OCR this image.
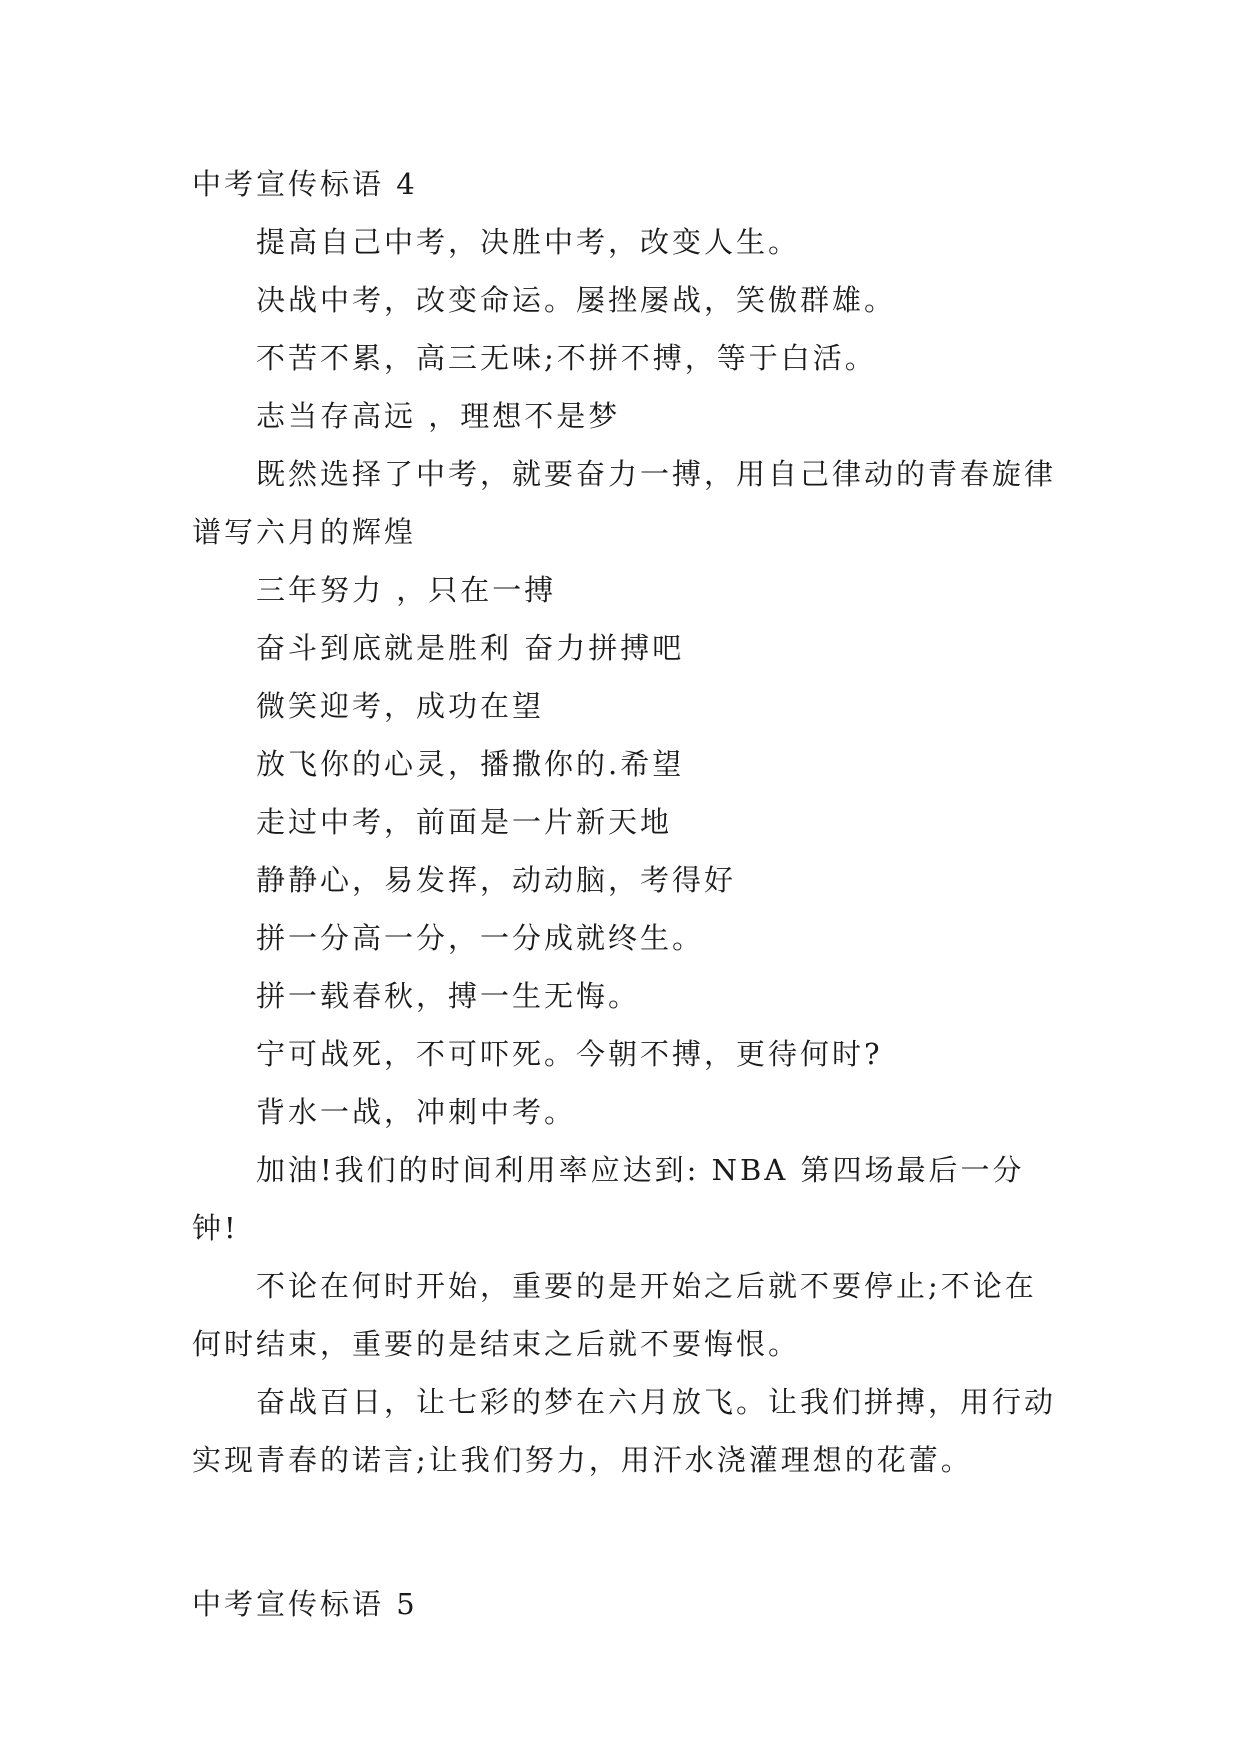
中考宣传标语 4

提高自己中考，决胜中考，改变人生。

决战中考，改变命运。屡挫屡战，笑傲群雄。

不苦不累，高三无味;不拼不搏，等于白活。

志当存高远 ，理想不是梦

既然选择了中考，就要奋力一搏，用自己律动的青春旋律谱写六月的辉煌

三年努力 ，只在一搏

奋斗到底就是胜利 奋力拼搏吧

微笑迎考，成功在望

放飞你的心灵，播撒你的.希望

走过中考，前面是一片新天地

静静心，易发挥，动动脑，考得好

拼一分高一分，一分成就终生。

拼一载春秋，搏一生无悔。

宁可战死，不可吓死。今朝不搏，更待何时?

背水一战，冲刺中考。

加油!我们的时间利用率应达到: NBA 第四场最后一分钟!

不论在何时开始，重要的是开始之后就不要停止;不论在何时结束，重要的是结束之后就不要悔恨。

奋战百日，让七彩的梦在六月放飞。让我们拼搏，用行动实现青春的诺言;让我们努力，用汗水浇灌理想的花蕾。

中考宣传标语 5
